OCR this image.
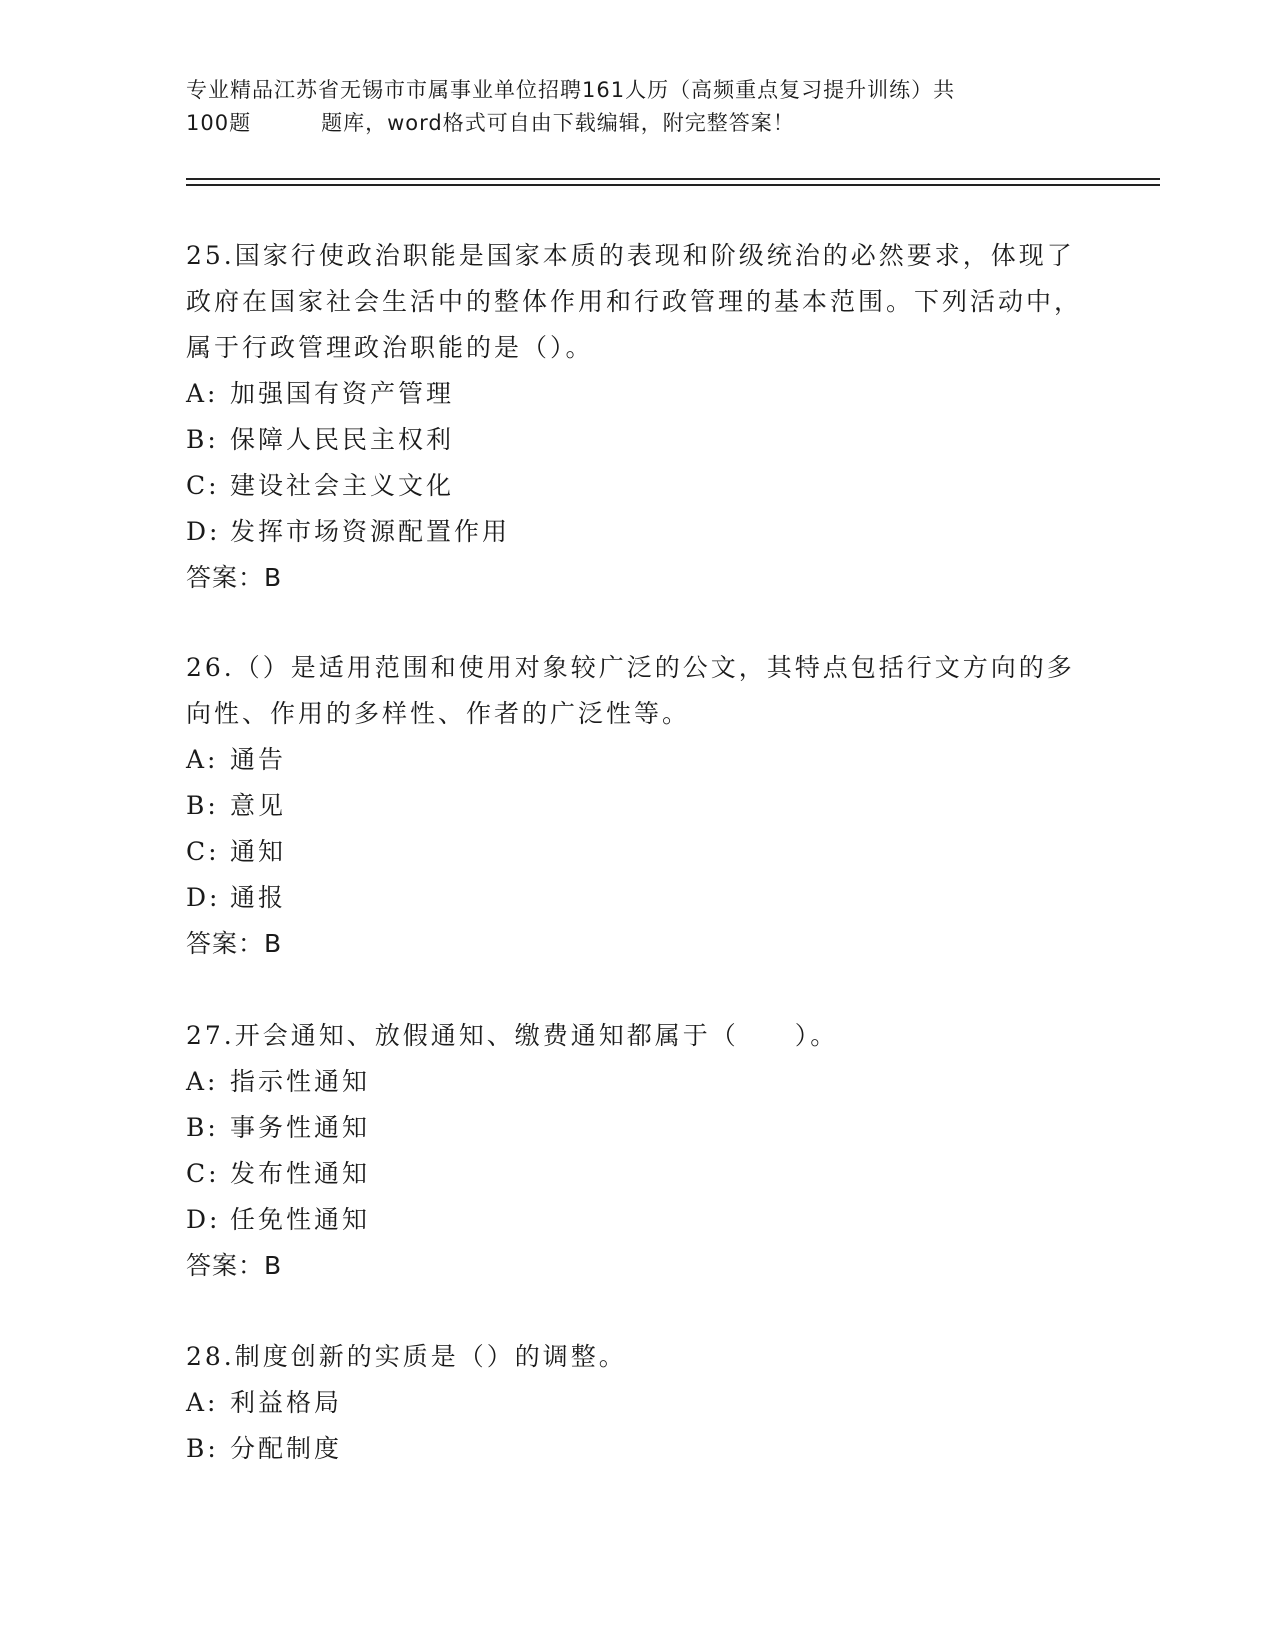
专业精品江苏省无锡市市属事业单位招聘161人历（高频重点复习提升训练）共
100题	题库，word格式可自由下载编辑，附完整答案！

25.国家行使政治职能是国家本质的表现和阶级统治的必然要求，体现了政府在国家社会生活中的整体作用和行政管理的基本范围。下列活动中，属于行政管理政治职能的是（）。

A: 加强国有资产管理

B: 保障人民民主权利

C: 建设社会主义文化

D: 发挥市场资源配置作用

答案：B

26.（）是适用范围和使用对象较广泛的公文，其特点包括行文方向的多向性、作用的多样性、作者的广泛性等。

A: 通告

B: 意见

C: 通知

D: 通报

答案：B

27.开会通知、放假通知、缴费通知都属于（　　）。

A: 指示性通知

B: 事务性通知

C: 发布性通知

D: 任免性通知

答案：B

28.制度创新的实质是（）的调整。

A: 利益格局

B: 分配制度
